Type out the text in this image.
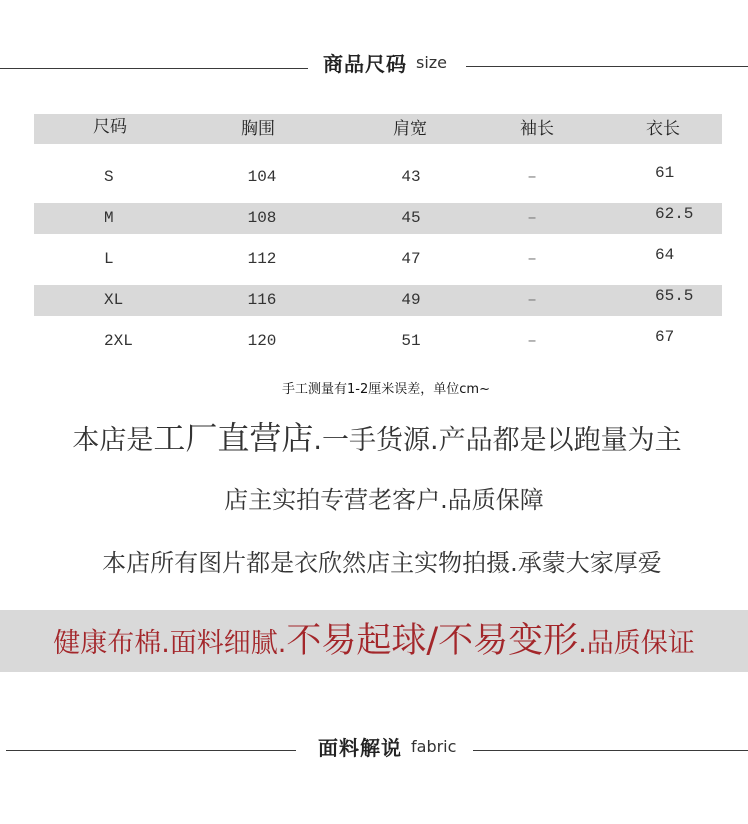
商品尺码 size
尺码	胸围	肩宽	袖长	衣长
S	104	43	–	61
M	108	45	–	62.5
L	112	47	–	64
XL	116	49	–	65.5
2XL	120	51	–	67
手工测量有1-2厘米误差，单位cm~
本店是工厂直营店.一手货源.产品都是以跑量为主
店主实拍专营老客户.品质保障
本店所有图片都是衣欣然店主实物拍摄.承蒙大家厚爱
健康布棉.面料细腻.不易起球/不易变形.品质保证
面料解说 fabric
